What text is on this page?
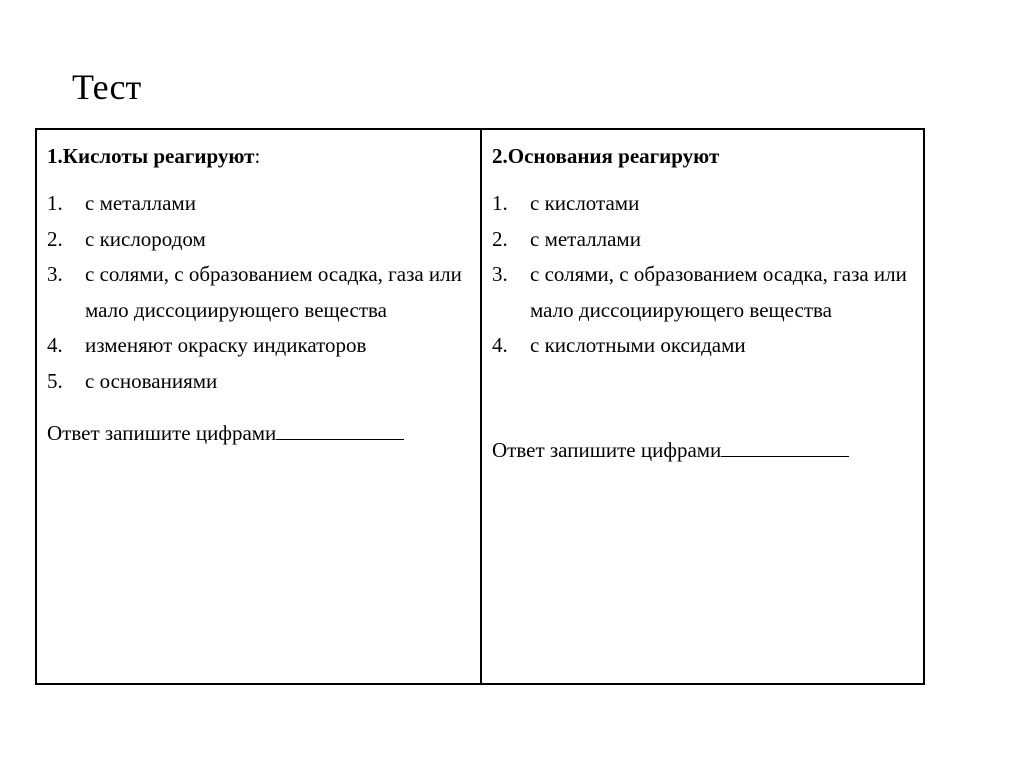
Тест

1.Кислоты реагируют:

1.	с металлами
2.	с кислородом
3.	с солями, с образованием осадка, газа или мало диссоциирующего вещества
4.	изменяют окраску индикаторов
5.	с основаниями
Ответ запишите цифрами

2.Основания реагируют

1.	с кислотами
2.	с металлами
3.	с солями, с образованием осадка, газа или мало диссоциирующего вещества
4.	с кислотными оксидами
Ответ запишите цифрами
